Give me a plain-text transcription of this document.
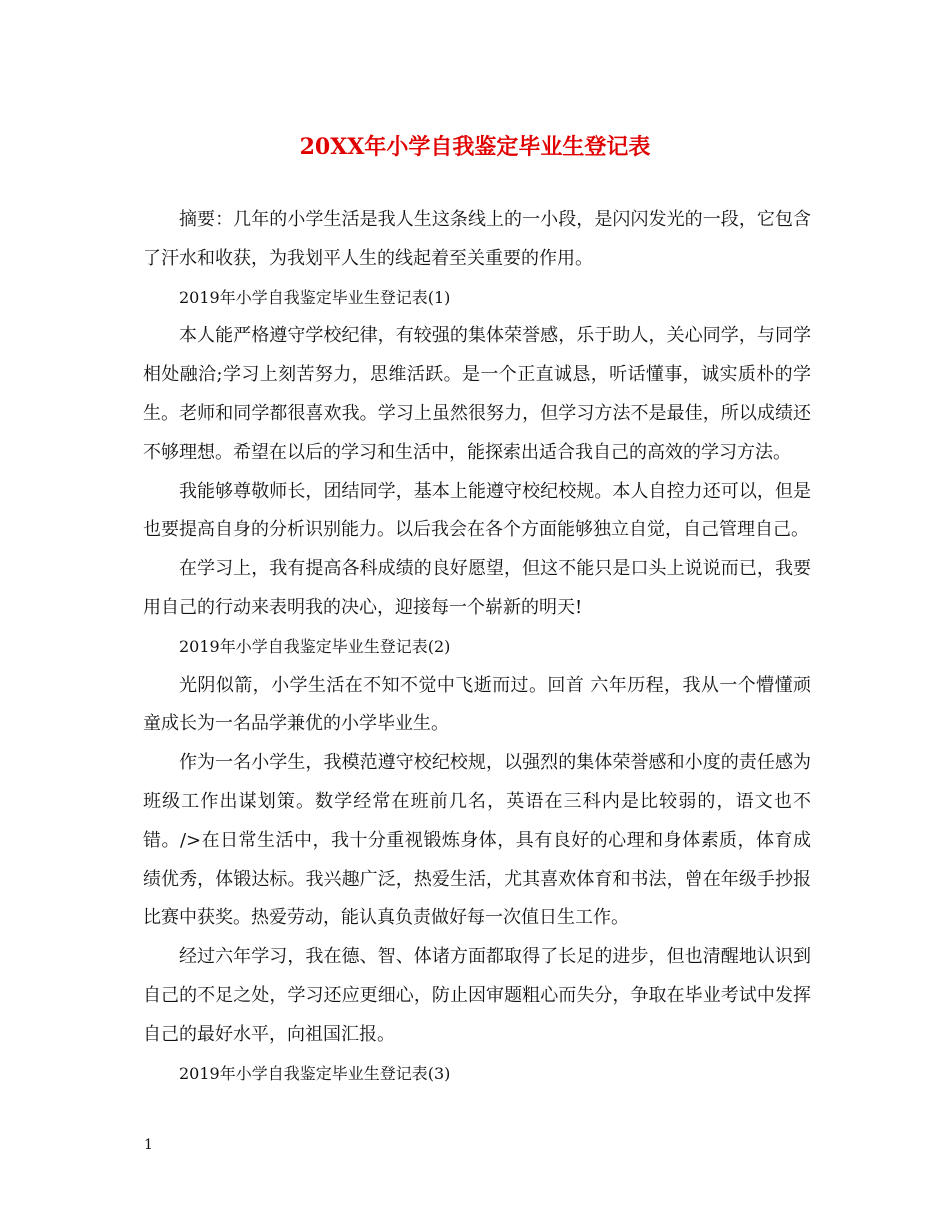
20XX年小学自我鉴定毕业生登记表

摘要：几年的小学生活是我人生这条线上的一小段，是闪闪发光的一段，它包含了汗水和收获，为我划平人生的线起着至关重要的作用。

2019年小学自我鉴定毕业生登记表(1)

本人能严格遵守学校纪律，有较强的集体荣誉感，乐于助人，关心同学，与同学相处融洽;学习上刻苦努力，思维活跃。是一个正直诚恳，听话懂事，诚实质朴的学生。老师和同学都很喜欢我。学习上虽然很努力，但学习方法不是最佳，所以成绩还不够理想。希望在以后的学习和生活中，能探索出适合我自己的高效的学习方法。

我能够尊敬师长，团结同学，基本上能遵守校纪校规。本人自控力还可以，但是也要提高自身的分析识别能力。以后我会在各个方面能够独立自觉，自己管理自己。

在学习上，我有提高各科成绩的良好愿望，但这不能只是口头上说说而已，我要用自己的行动来表明我的决心，迎接每一个崭新的明天!

2019年小学自我鉴定毕业生登记表(2)

光阴似箭，小学生活在不知不觉中飞逝而过。回首 六年历程，我从一个懵懂顽童成长为一名品学兼优的小学毕业生。

作为一名小学生，我模范遵守校纪校规，以强烈的集体荣誉感和小度的责任感为班级工作出谋划策。数学经常在班前几名，英语在三科内是比较弱的，语文也不错。/>在日常生活中，我十分重视锻炼身体，具有良好的心理和身体素质，体育成绩优秀，体锻达标。我兴趣广泛，热爱生活，尤其喜欢体育和书法，曾在年级手抄报比赛中获奖。热爱劳动，能认真负责做好每一次值日生工作。

经过六年学习，我在德、智、体诸方面都取得了长足的进步，但也清醒地认识到自己的不足之处，学习还应更细心，防止因审题粗心而失分，争取在毕业考试中发挥自己的最好水平，向祖国汇报。

2019年小学自我鉴定毕业生登记表(3)

1
